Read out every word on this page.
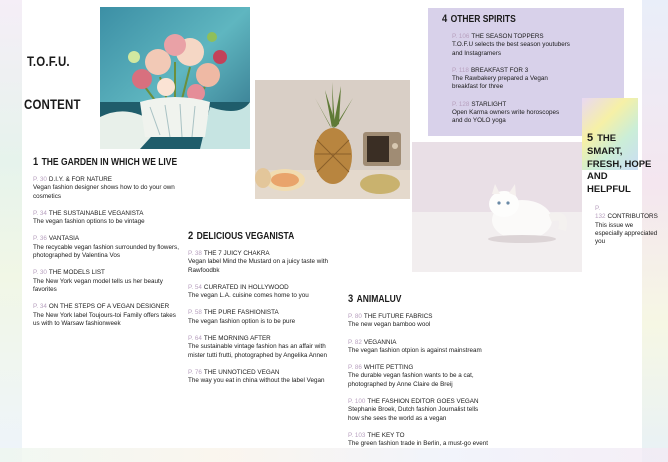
T.O.F.U.
CONTENT
1 THE GARDEN IN WHICH WE LIVE
P. 30 D.I.Y. & FOR NATURE
Vegan fashion designer shows how to do your own cosmetics
P. 34 THE SUSTAINABLE VEGANISTA
The vegan fashion options to be vintage
P. 36 VANTASIA
The recycable vegan fashion surrounded by flowers, photographed by Valentina Vos
P. 30 THE MODELS LIST
The New York vegan model tells us her beauty favorites
P. 34 ON THE STEPS OF A VEGAN DESIGNER
The New York label Toujours-toi Family offers takes us with to Warsaw fashionweek
2 DELICIOUS VEGANISTA
P. 38 THE 7 JUICY CHAKRA
Vegan label Mind the Mustard on a juicy taste with Rawfoodbk
P. 54 CURRATED IN HOLLYWOOD
The vegan L.A. cuisine comes home to you
P. 58 THE PURE FASHIONISTA
The vegan fashion option is to be pure
P. 64 THE MORNING AFTER
The sustainable vintage fashion has an affair with mister tutti frutti, photographed by Angelika Annen
P. 76 THE UNNOTICED VEGAN
The way you eat in china without the label Vegan
3 ANIMALUV
P. 80 THE FUTURE FABRICS
The new vegan bamboo wool
P. 82 VEGANNIA
The vegan fashion otpion is against mainstream
P. 86 WHITE PETTING
The durable vegan fashion wants to be a cat, photographed by Anne Claire de Breij
P. 100 THE FASHION EDITOR GOES VEGAN
Stephanie Broek, Dutch fashion Journalist tells how she sees the world as a vegan
P. 103 THE KEY TO
The green fashion trade in Berlin, a must-go event
4 OTHER SPIRITS
P. 106 THE SEASON TOPPERS
T.O.F.U selects the best season youtubers and Instagramers
P. 118 BREAKFAST FOR 3
The Rawbakery prepared a Vegan breakfast for three
P. 128 STARLIGHT
Open Karma owners write horoscopes and do YOLO yoga
5 THE SMART, FRESH, HOPE AND HELPFUL
P. 132 CONTRIBUTORS
This issue we especially appreciated you
